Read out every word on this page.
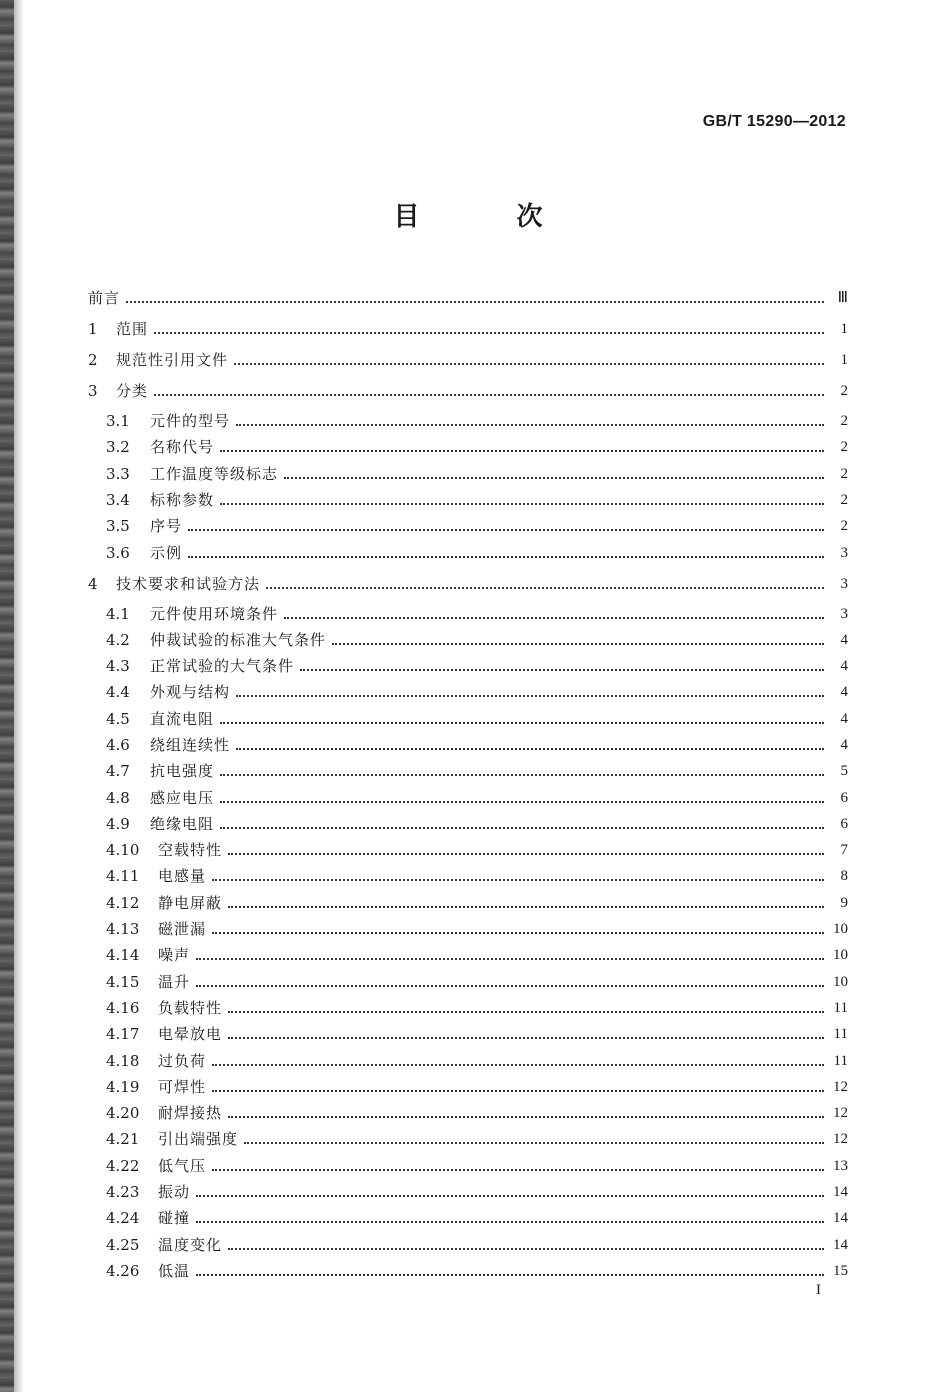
GB/T 15290—2012
目 次
前言	Ⅲ
1	范围	1
2	规范性引用文件	1
3	分类	2
3.1	元件的型号	2
3.2	名称代号	2
3.3	工作温度等级标志	2
3.4	标称参数	2
3.5	序号	2
3.6	示例	3
4	技术要求和试验方法	3
4.1	元件使用环境条件	3
4.2	仲裁试验的标准大气条件	4
4.3	正常试验的大气条件	4
4.4	外观与结构	4
4.5	直流电阻	4
4.6	绕组连续性	4
4.7	抗电强度	5
4.8	感应电压	6
4.9	绝缘电阻	6
4.10	空载特性	7
4.11	电感量	8
4.12	静电屏蔽	9
4.13	磁泄漏	10
4.14	噪声	10
4.15	温升	10
4.16	负载特性	11
4.17	电晕放电	11
4.18	过负荷	11
4.19	可焊性	12
4.20	耐焊接热	12
4.21	引出端强度	12
4.22	低气压	13
4.23	振动	14
4.24	碰撞	14
4.25	温度变化	14
4.26	低温	15
I
